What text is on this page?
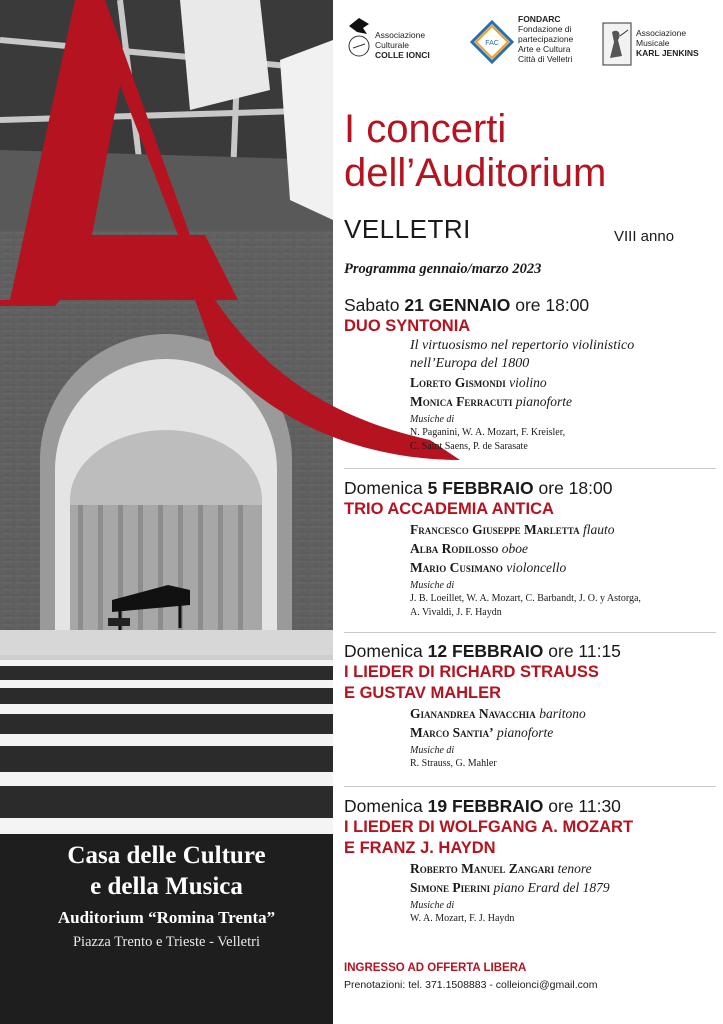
Associazione
Culturale
COLLE IONCI
FAC
FONDARC
Fondazione di
partecipazione
Arte e Cultura
Città di Velletri
Associazione
Musicale
KARL JENKINS
I concerti
dell’Auditorium
VELLETRI	VIII anno
Programma gennaio/marzo 2023
Sabato 21 GENNAIO ore 18:00
DUO SYNTONIA
Il virtuosismo nel repertorio violinistico
nell’Europa del 1800
Loreto Gismondi violino
Monica Ferracuti pianoforte
Musiche di
N. Paganini, W. A. Mozart, F. Kreisler,
C. Saint Saens, P. de Sarasate
Domenica 5 FEBBRAIO ore 18:00
TRIO ACCADEMIA ANTICA
Francesco Giuseppe Marletta flauto
Alba Rodilosso oboe
Mario Cusimano violoncello
Musiche di
J. B. Loeillet, W. A. Mozart, C. Barbandt, J. O. y Astorga,
A. Vivaldi, J. F. Haydn
Domenica 12 FEBBRAIO ore 11:15
I LIEDER DI RICHARD STRAUSS
E GUSTAV MAHLER
Gianandrea Navacchia baritono
Marco Santia’ pianoforte
Musiche di
R. Strauss, G. Mahler
Domenica 19 FEBBRAIO ore 11:30
I LIEDER DI WOLFGANG A. MOZART
E FRANZ J. HAYDN
Roberto Manuel Zangari tenore
Simone Pierini piano Erard del 1879
Musiche di
W. A. Mozart, F. J. Haydn
INGRESSO AD OFFERTA LIBERA
Prenotazioni: tel. 371.1508883 - colleionci@gmail.com
Casa delle Culture
e della Musica
Auditorium “Romina Trenta”
Piazza Trento e Trieste - Velletri
